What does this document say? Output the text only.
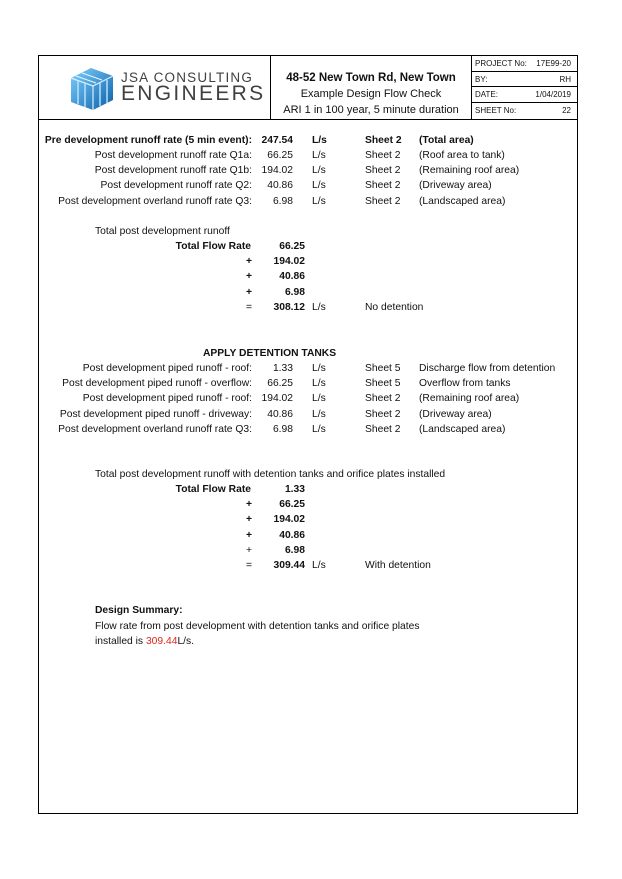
JSA CONSULTING
ENGINEERS
48-52 New Town Rd, New Town
Example Design Flow Check
ARI 1 in 100 year, 5 minute duration
PROJECT No: 17E99-20
BY:	RH
DATE:	1/04/2019
SHEET No:	22
Pre development runoff rate (5 min event): 247.54 L/s	Sheet 2 (Total area)
Post development runoff rate Q1a: 66.25 L/s	Sheet 2 (Roof area to tank)
Post development runoff rate Q1b: 194.02 L/s	Sheet 2 (Remaining roof area)
Post development runoff rate Q2: 40.86 L/s	Sheet 2 (Driveway area)
Post development overland runoff rate Q3: 6.98 L/s	Sheet 2 (Landscaped area)
Total post development runoff
Total Flow Rate	66.25
+ 194.02
+	40.86
+	6.98
= 308.12 L/s	No detention
APPLY DETENTION TANKS
Post development piped runoff - roof: 1.33 L/s	Sheet 5 Discharge flow from detention
Post development piped runoff - overflow: 66.25 L/s	Sheet 5 Overflow from tanks
Post development piped runoff - roof: 194.02 L/s	Sheet 2 (Remaining roof area)
Post development piped runoff - driveway: 40.86 L/s	Sheet 2 (Driveway area)
Post development overland runoff rate Q3: 6.98 L/s	Sheet 2 (Landscaped area)
Total post development runoff with detention tanks and orifice plates installed
Total Flow Rate	1.33
+	66.25
+ 194.02
+	40.86
+	6.98
= 309.44 L/s	With detention
Design Summary:
Flow rate from post development with detention tanks and orifice plates
installed is 309.44L/s.
